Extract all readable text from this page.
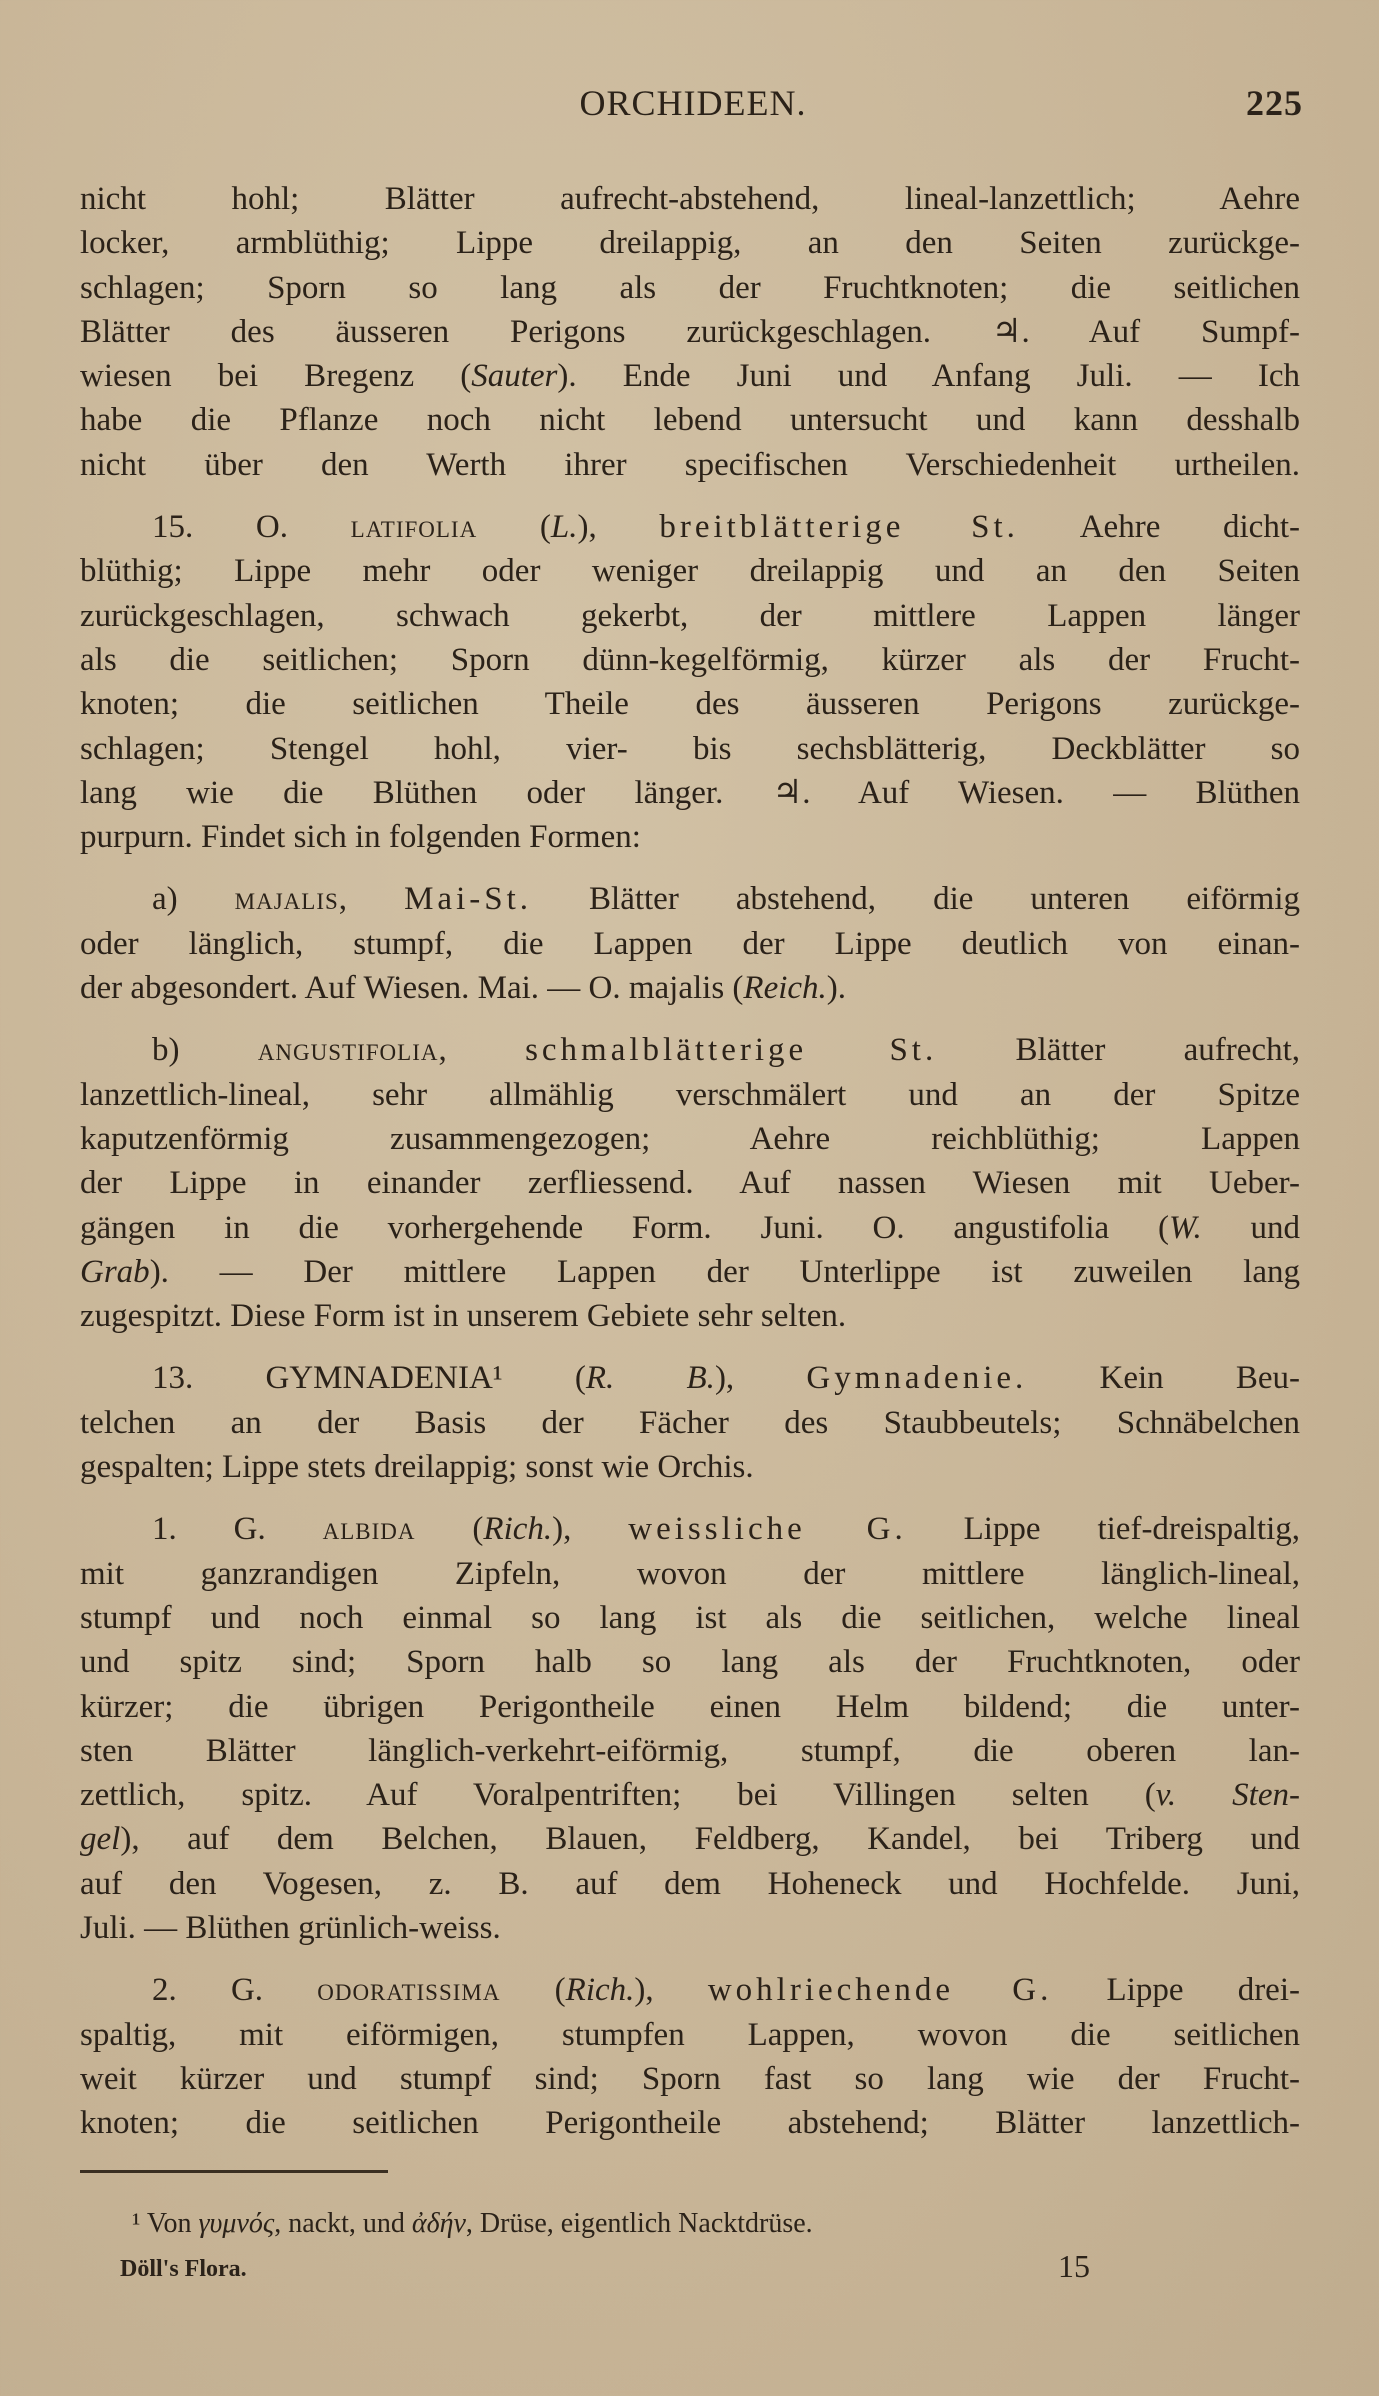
ORCHIDEEN.	225
nicht hohl; Blätter aufrecht-abstehend, lineal-lanzettlich; Aehre
locker, armblüthig; Lippe dreilappig, an den Seiten zurückge-
schlagen; Sporn so lang als der Fruchtknoten; die seitlichen
Blätter des äusseren Perigons zurückgeschlagen. ♃. Auf Sumpf-
wiesen bei Bregenz (Sauter). Ende Juni und Anfang Juli. — Ich
habe die Pflanze noch nicht lebend untersucht und kann desshalb
nicht über den Werth ihrer specifischen Verschiedenheit urtheilen.
15. O. latifolia (L.), breitblätterige St. Aehre dicht-
blüthig; Lippe mehr oder weniger dreilappig und an den Seiten
zurückgeschlagen, schwach gekerbt, der mittlere Lappen länger
als die seitlichen; Sporn dünn-kegelförmig, kürzer als der Frucht-
knoten; die seitlichen Theile des äusseren Perigons zurückge-
schlagen; Stengel hohl, vier- bis sechsblätterig, Deckblätter so
lang wie die Blüthen oder länger. ♃. Auf Wiesen. — Blüthen
purpurn. Findet sich in folgenden Formen:
a) majalis, Mai-St. Blätter abstehend, die unteren eiförmig
oder länglich, stumpf, die Lappen der Lippe deutlich von einan-
der abgesondert. Auf Wiesen. Mai. — O. majalis (Reich.).
b) angustifolia, schmalblätterige St. Blätter aufrecht,
lanzettlich-lineal, sehr allmählig verschmälert und an der Spitze
kaputzenförmig zusammengezogen; Aehre reichblüthig; Lappen
der Lippe in einander zerfliessend. Auf nassen Wiesen mit Ueber-
gängen in die vorhergehende Form. Juni. O. angustifolia (W. und
Grab). — Der mittlere Lappen der Unterlippe ist zuweilen lang
zugespitzt. Diese Form ist in unserem Gebiete sehr selten.
13. GYMNADENIA¹ (R. B.), Gymnadenie. Kein Beu-
telchen an der Basis der Fächer des Staubbeutels; Schnäbelchen
gespalten; Lippe stets dreilappig; sonst wie Orchis.
1. G. albida (Rich.), weissliche G. Lippe tief-dreispaltig,
mit ganzrandigen Zipfeln, wovon der mittlere länglich-lineal,
stumpf und noch einmal so lang ist als die seitlichen, welche lineal
und spitz sind; Sporn halb so lang als der Fruchtknoten, oder
kürzer; die übrigen Perigontheile einen Helm bildend; die unter-
sten Blätter länglich-verkehrt-eiförmig, stumpf, die oberen lan-
zettlich, spitz. Auf Voralpentriften; bei Villingen selten (v. Sten-
gel), auf dem Belchen, Blauen, Feldberg, Kandel, bei Triberg und
auf den Vogesen, z. B. auf dem Hoheneck und Hochfelde. Juni,
Juli. — Blüthen grünlich-weiss.
2. G. odoratissima (Rich.), wohlriechende G. Lippe drei-
spaltig, mit eiförmigen, stumpfen Lappen, wovon die seitlichen
weit kürzer und stumpf sind; Sporn fast so lang wie der Frucht-
knoten; die seitlichen Perigontheile abstehend; Blätter lanzettlich-
¹ Von γυμνός, nackt, und ἀδήν, Drüse, eigentlich Nacktdrüse.
Döll's Flora.	15
